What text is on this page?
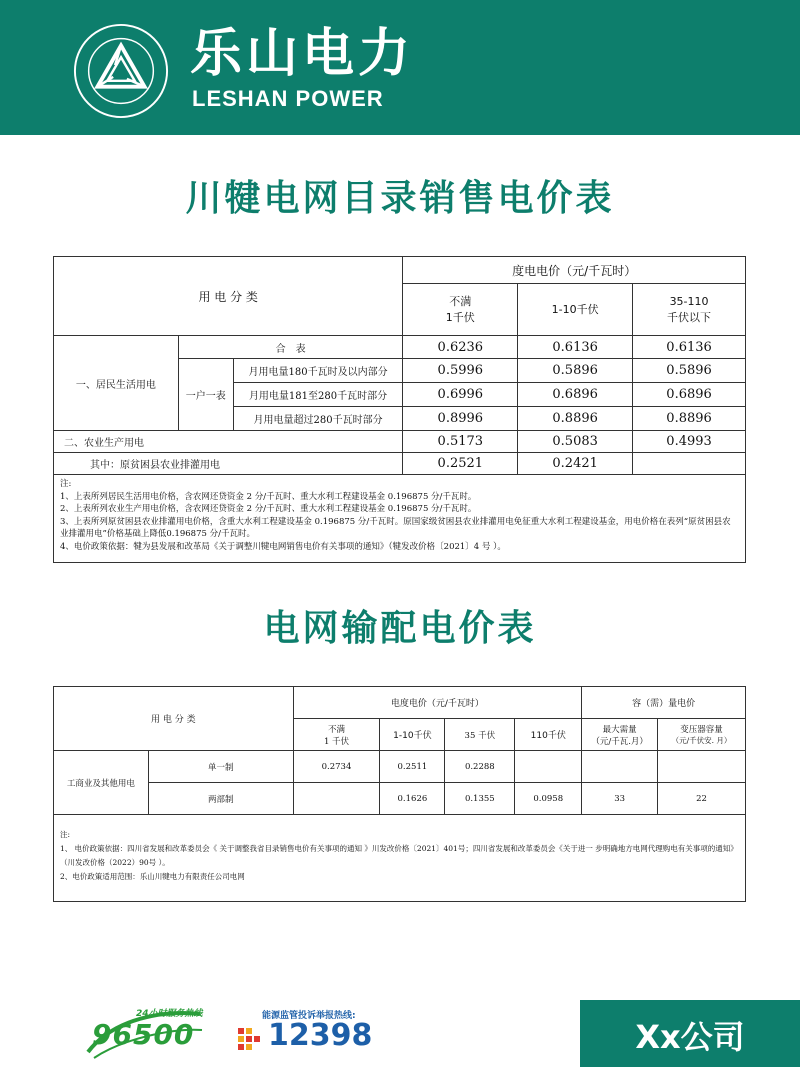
乐山电力
LESHAN POWER
川犍电网目录销售电价表
用 电 分 类			度电电价（元/千瓦时）		
			不满
1千伏	1-10千伏	35-110
千伏以下
一、居民生活用电	合　表		0.6236	0.6136	0.6136
	一户一表	月用电量180千瓦时及以内部分	0.5996	0.5896	0.5896
		月用电量181至280千瓦时部分	0.6996	0.6896	0.6896
		月用电量超过280千瓦时部分	0.8996	0.8896	0.8896
二、农业生产用电			0.5173	0.5083	0.4993
其中：原贫困县农业排灌用电			0.2521	0.2421	
注:
1、上表所列居民生活用电价格，含农网还贷资金 2 分/千瓦时、重大水利工程建设基金 0.196875 分/千瓦时。
2、上表所列农业生产用电价格，含农网还贷资金 2 分/千瓦时、重大水利工程建设基金 0.196875 分/千瓦时。
3、上表所列原贫困县农业排灌用电价格，含重大水利工程建设基金 0.196875 分/千瓦时。原国家级贫困县农业排灌用电免征重大水利工程建设基金，用电价格在表列“原贫困县农业排灌用电”价格基础上降低0.196875 分/千瓦时。
4、电价政策依据：犍为县发展和改革局《关于调整川犍电网销售电价有关事项的通知》（犍发改价格〔2021〕4 号 ）。
电网输配电价表
用 电 分 类		电度电价（元/千瓦时）				容（需）量电价	
		不满
1 千伏	1-10千伏	35 千伏	110千伏	最大需量
（元/千瓦.月）	变压器容量
（元/千伏安. 月）
工商业及其他用电	单一制	0.2734	0.2511	0.2288			
	两部制		0.1626	0.1355	0.0958	33	22
注:
1、 电价政策依据：四川省发展和改革委员会《 关于调整我省目录销售电价有关事项的通知 》川发改价格〔2021〕401号；四川省发展和改革委员会《关于进一 步明确地方电网代理购电有关事项的通知》（川发改价格（2022）90号 ）。
2、电价政策适用范围：乐山川犍电力有限责任公司电网
24小时服务热线
96500
能源监管投诉举报热线:
12398	Xx公司
